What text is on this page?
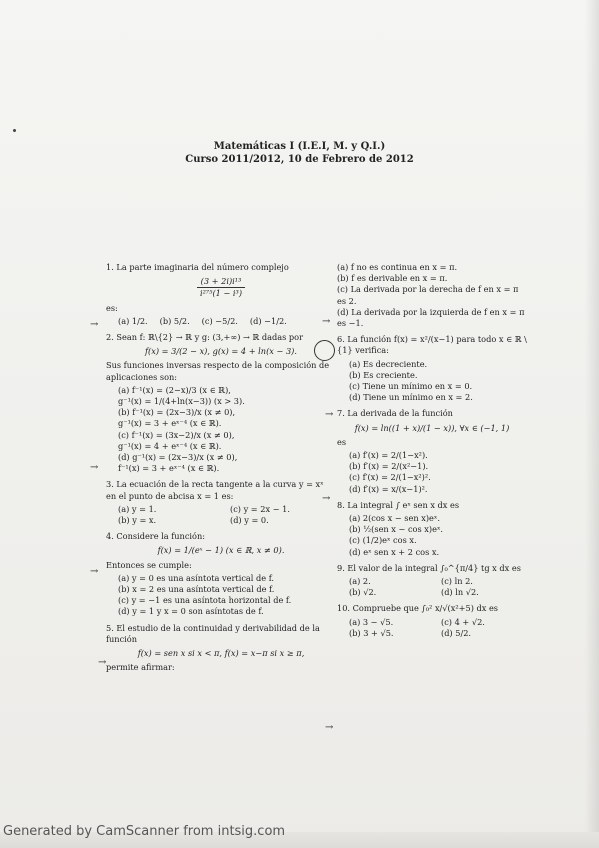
Matemáticas I (I.E.I, M. y Q.I.)
Curso 2011/2012, 10 de Febrero de 2012
1. La parte imaginaria del número complejo
$\frac{\text{(3 + 2i)i¹³}}{\text{i²⁷⁵(1 − i³)}}$
es:
(a) 1/2. (b) 5/2. (c) −5/2. (d) −1/2.
2. Sean f: ℝ\{2} → ℝ y g: (3,+∞) → ℝ dadas por
f(x) = 3/(2 − x), g(x) = 4 + ln(x − 3).
Sus funciones inversas respecto de la composición de aplicaciones son:
(a) f⁻¹(x) = (2−x)/3 (x ∈ ℝ),
g⁻¹(x) = 1/(4+ln(x−3)) (x > 3).
(b) f⁻¹(x) = (2x−3)/x (x ≠ 0),
g⁻¹(x) = 3 + eˣ⁻⁴ (x ∈ ℝ).
(c) f⁻¹(x) = (3x−2)/x (x ≠ 0),
g⁻¹(x) = 4 + eˣ⁻⁴ (x ∈ ℝ).
(d) g⁻¹(x) = (2x−3)/x (x ≠ 0),
f⁻¹(x) = 3 + eˣ⁻⁴ (x ∈ ℝ).
3. La ecuación de la recta tangente a la curva y = xˣ en el punto de abcisa x = 1 es:
(a) y = 1.	(c) y = 2x − 1.
(b) y = x.	(d) y = 0.
4. Considere la función:
f(x) = 1/(eˣ − 1) (x ∈ ℝ, x ≠ 0).
Entonces se cumple:
(a) y = 0 es una asíntota vertical de f.
(b) x = 2 es una asíntota vertical de f.
(c) y = −1 es una asíntota horizontal de f.
(d) y = 1 y x = 0 son asíntotas de f.
5. El estudio de la continuidad y derivabilidad de la función
f(x) = sen x si x < π, f(x) = x−π si x ≥ π,
permite afirmar:
(a) f no es continua en x = π.
(b) f es derivable en x = π.
(c) La derivada por la derecha de f en x = π es 2.
(d) La derivada por la izquierda de f en x = π es −1.
6. La función f(x) = x²/(x−1) para todo x ∈ ℝ \ {1} verifica:
(a) Es decreciente.
(b) Es creciente.
(c) Tiene un mínimo en x = 0.
(d) Tiene un mínimo en x = 2.
7. La derivada de la función
f(x) = ln((1 + x)/(1 − x)), ∀x ∈ (−1, 1)
es
(a) f′(x) = 2/(1−x²).
(b) f′(x) = 2/(x²−1).
(c) f′(x) = 2/(1−x²)².
(d) f′(x) = x/(x−1)².
8. La integral ∫ eˣ sen x dx es
(a) 2(cos x − sen x)eˣ.
(b) ½(sen x − cos x)eˣ.
(c) (1/2)eˣ cos x.
(d) eˣ sen x + 2 cos x.
9. El valor de la integral ∫₀^{π/4} tg x dx es
(a) 2.	(c) ln 2.
(b) √2.	(d) ln √2.
10. Compruebe que ∫₀² x/√(x²+5) dx es
(a) 3 − √5.	(c) 4 + √2.
(b) 3 + √5.	(d) 5/2.
→
→
→
→
→
→
→
→
Generated by CamScanner from intsig.com
